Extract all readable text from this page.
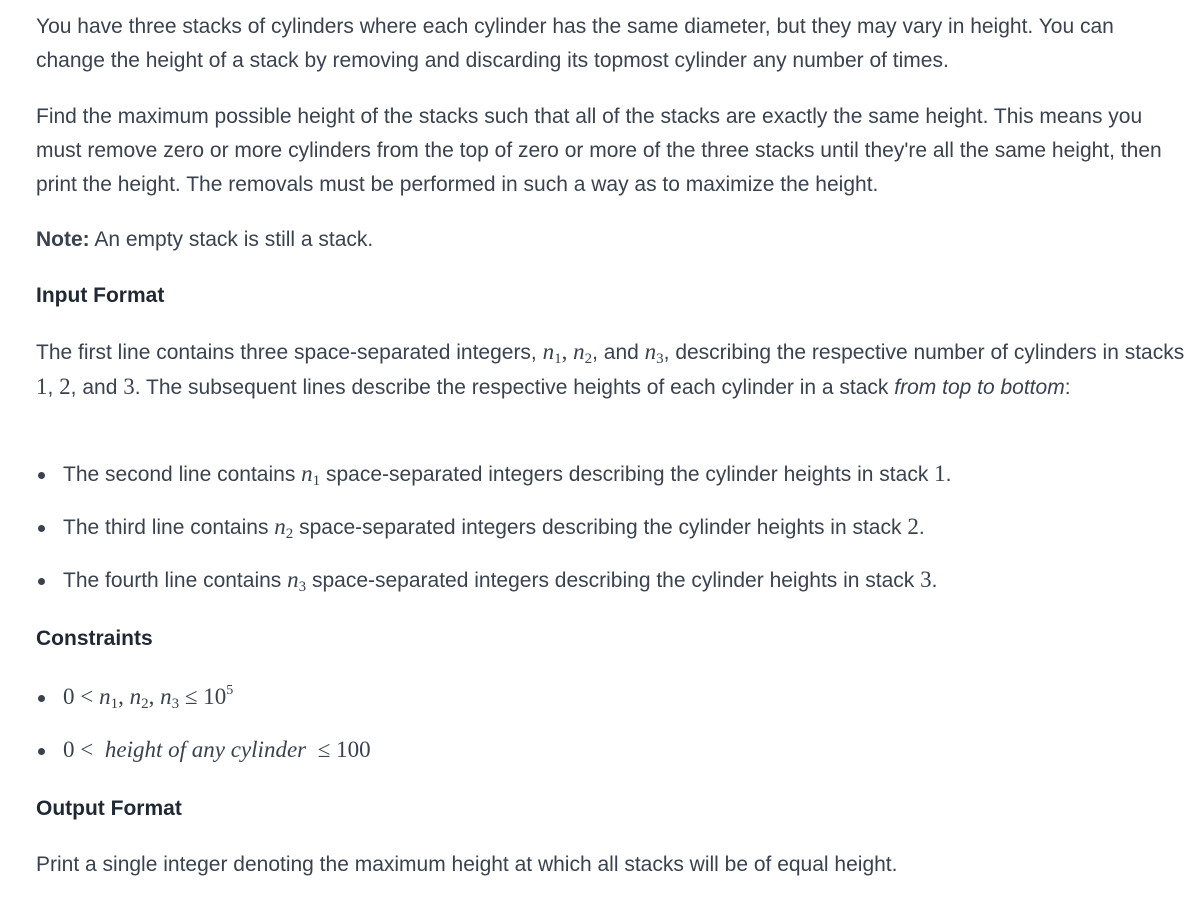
You have three stacks of cylinders where each cylinder has the same diameter, but they may vary in height. You can change the height of a stack by removing and discarding its topmost cylinder any number of times.

Find the maximum possible height of the stacks such that all of the stacks are exactly the same height. This means you must remove zero or more cylinders from the top of zero or more of the three stacks until they're all the same height, then print the height. The removals must be performed in such a way as to maximize the height.

Note: An empty stack is still a stack.

Input Format

The first line contains three space-separated integers, $n_1$, $n_2$, and $n_3$, describing the respective number of cylinders in stacks 1, 2, and 3. The subsequent lines describe the respective heights of each cylinder in a stack from top to bottom:

The second line contains $n_1$ space-separated integers describing the cylinder heights in stack 1.
The third line contains $n_2$ space-separated integers describing the cylinder heights in stack 2.
The fourth line contains $n_3$ space-separated integers describing the cylinder heights in stack 3.
Constraints
$0 < n_1$, $n_2$, $n_3 \le 10^5$
0 < height of any cylinder ≤ 100
Output Format

Print a single integer denoting the maximum height at which all stacks will be of equal height.
